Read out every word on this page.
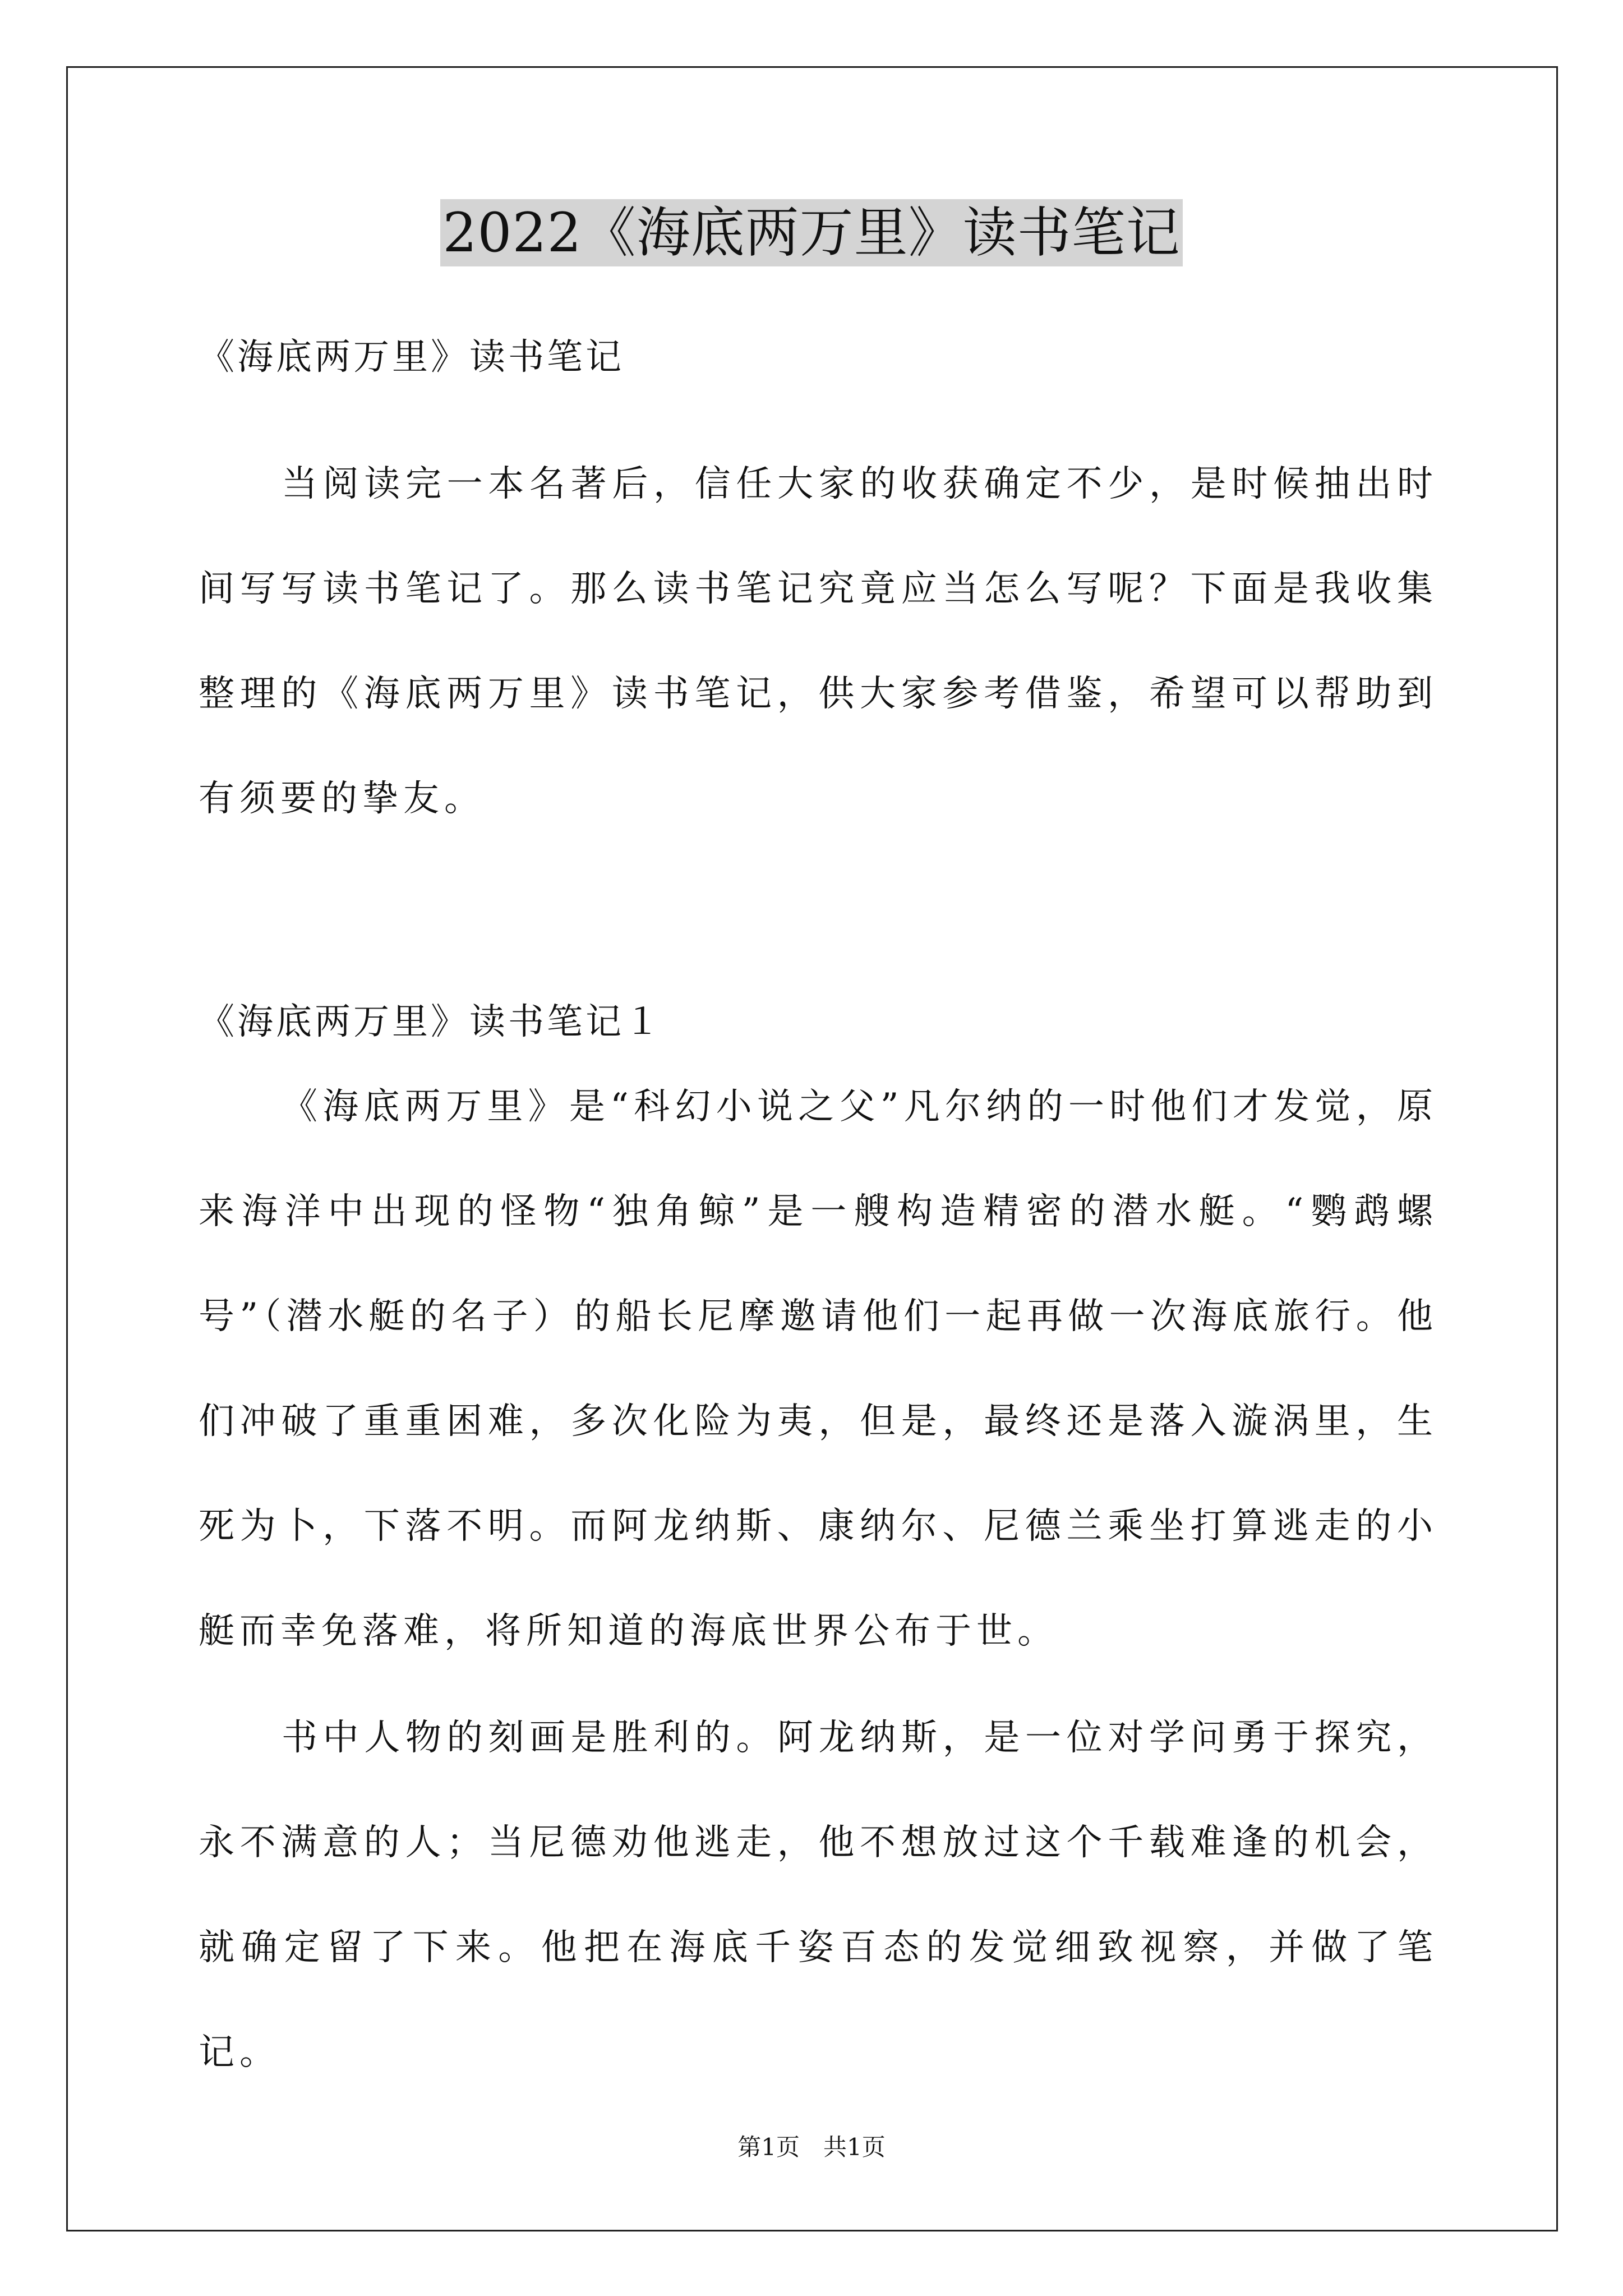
2022《海底两万里》读书笔记

《海底两万里》读书笔记

当阅读完一本名著后，信任大家的收获确定不少，是时候抽出时间写写读书笔记了。那么读书笔记究竟应当怎么写呢？下面是我收集整理的《海底两万里》读书笔记，供大家参考借鉴，希望可以帮助到有须要的挚友。

《海底两万里》读书笔记１

《海底两万里》是“科幻小说之父”凡尔纳的一时他们才发觉，原来海洋中出现的怪物“独角鲸”是一艘构造精密的潜水艇。“鹦鹉螺号”（潜水艇的名子）的船长尼摩邀请他们一起再做一次海底旅行。他们冲破了重重困难，多次化险为夷，但是，最终还是落入漩涡里，生死为卜，下落不明。而阿龙纳斯、康纳尔、尼德兰乘坐打算逃走的小艇而幸免落难，将所知道的海底世界公布于世。

书中人物的刻画是胜利的。阿龙纳斯，是一位对学问勇于探究，永不满意的人；当尼德劝他逃走，他不想放过这个千载难逢的机会，就确定留了下来。他把在海底千姿百态的发觉细致视察，并做了笔记。

第1页　共1页
